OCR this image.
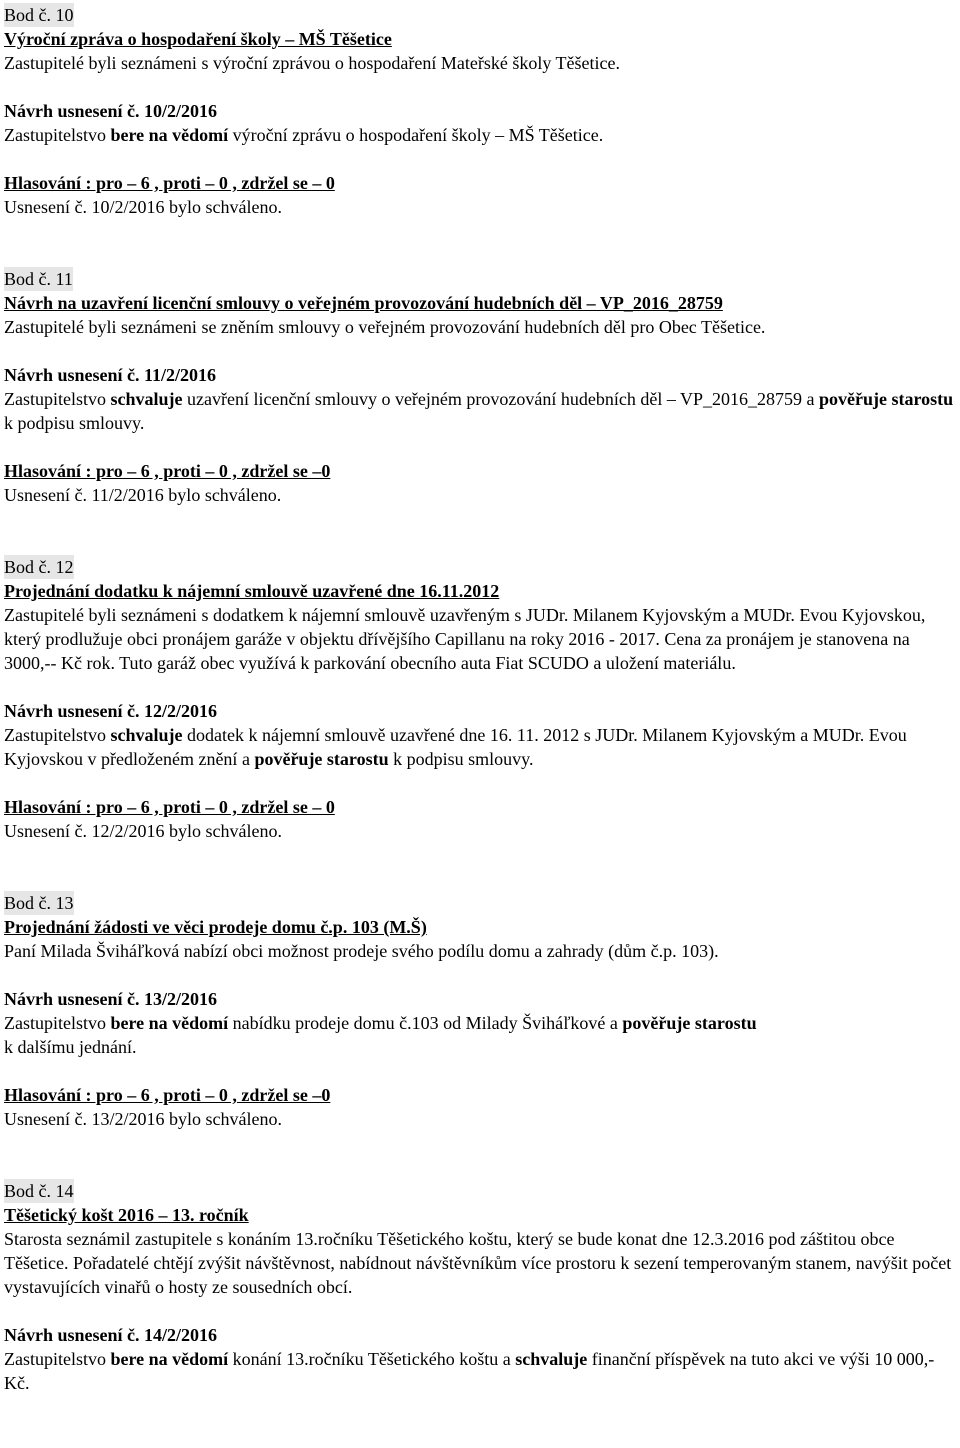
Bod č. 10
Výroční zpráva o hospodaření školy – MŠ Těšetice
Zastupitelé byli seznámeni s výroční zprávou o hospodaření Mateřské školy Těšetice.
Návrh usnesení č. 10/2/2016
Zastupitelstvo bere na vědomí výroční zprávu o hospodaření školy – MŠ Těšetice.
Hlasování : pro – 6 , proti – 0 , zdržel se – 0
Usnesení č. 10/2/2016 bylo schváleno.
Bod č. 11
Návrh na uzavření licenční smlouvy o veřejném provozování hudebních děl – VP_2016_28759
Zastupitelé byli seznámeni se zněním smlouvy o veřejném provozování hudebních děl pro Obec Těšetice.
Návrh usnesení č. 11/2/2016
Zastupitelstvo schvaluje uzavření licenční smlouvy o veřejném provozování hudebních děl – VP_2016_28759 a pověřuje starostu k podpisu smlouvy.
Hlasování : pro – 6 , proti – 0 , zdržel se –0
Usnesení č. 11/2/2016 bylo schváleno.
Bod č. 12
Projednání dodatku k nájemní smlouvě uzavřené dne 16.11.2012
Zastupitelé byli seznámeni s dodatkem k nájemní smlouvě uzavřeným s JUDr. Milanem Kyjovským a MUDr. Evou Kyjovskou, který prodlužuje obci pronájem garáže v objektu dřívějšího Capillanu na roky 2016 - 2017. Cena za pronájem je stanovena na 3000,-- Kč rok. Tuto garáž obec využívá k parkování obecního auta Fiat SCUDO a uložení materiálu.
Návrh usnesení č. 12/2/2016
Zastupitelstvo schvaluje dodatek k nájemní smlouvě uzavřené dne 16. 11. 2012 s JUDr. Milanem Kyjovským a MUDr. Evou Kyjovskou v předloženém znění a pověřuje starostu k podpisu smlouvy.
Hlasování : pro – 6 , proti – 0 , zdržel se – 0
Usnesení č. 12/2/2016 bylo schváleno.
Bod č. 13
Projednání žádosti ve věci prodeje domu č.p. 103 (M.Š)
Paní Milada Šviháľková nabízí obci možnost prodeje svého podílu domu a zahrady (dům č.p. 103).
Návrh usnesení č. 13/2/2016
Zastupitelstvo bere na vědomí nabídku prodeje domu č.103 od Milady Šviháľkové a pověřuje starostu
k dalšímu jednání.
Hlasování : pro – 6 , proti – 0 , zdržel se –0
Usnesení č. 13/2/2016 bylo schváleno.
Bod č. 14
Těšetický košt 2016 – 13. ročník
Starosta seznámil zastupitele s konáním 13.ročníku Těšetického koštu, který se bude konat dne 12.3.2016 pod záštitou obce Těšetice. Pořadatelé chtějí zvýšit návštěvnost, nabídnout návštěvníkům více prostoru k sezení temperovaným stanem, navýšit počet vystavujících vinařů o hosty ze sousedních obcí.
Návrh usnesení č. 14/2/2016
Zastupitelstvo bere na vědomí konání 13.ročníku Těšetického koštu a schvaluje finanční příspěvek na tuto akci ve výši 10 000,- Kč.
